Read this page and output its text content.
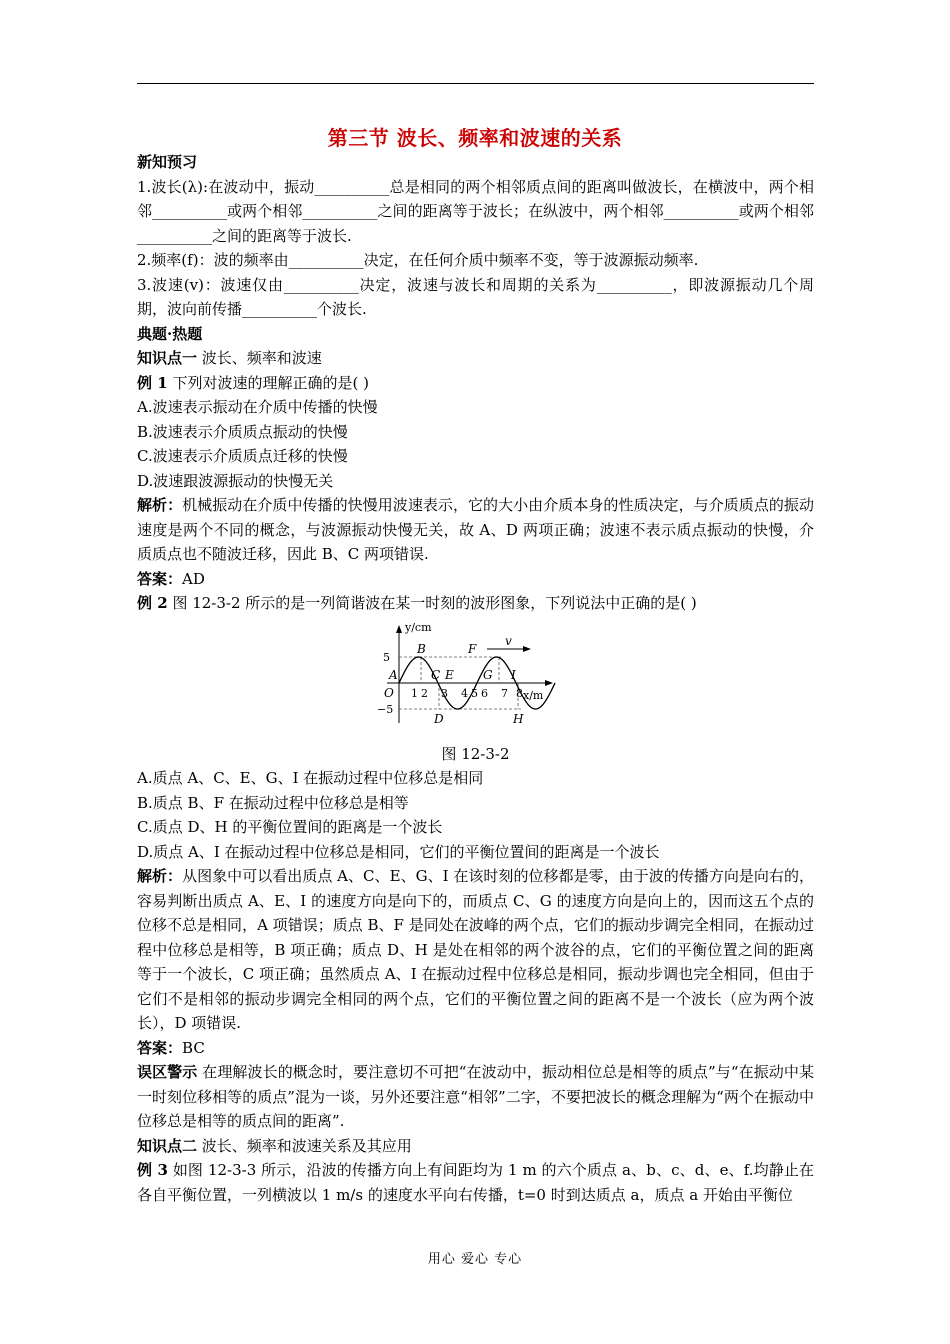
第三节 波长、频率和波速的关系

新知预习

1.波长(λ):在波动中，振动__________总是相同的两个相邻质点间的距离叫做波长，在横波中，两个相邻__________或两个相邻__________之间的距离等于波长；在纵波中，两个相邻__________或两个相邻__________之间的距离等于波长.

2.频率(f)：波的频率由__________决定，在任何介质中频率不变，等于波源振动频率.

3.波速(v)：波速仅由__________决定，波速与波长和周期的关系为__________，即波源振动几个周期，波向前传播__________个波长.

典题·热题

知识点一 波长、频率和波速

例 1 下列对波速的理解正确的是( )

A.波速表示振动在介质中传播的快慢

B.波速表示介质质点振动的快慢

C.波速表示介质质点迁移的快慢

D.波速跟波源振动的快慢无关

解析：机械振动在介质中传播的快慢用波速表示，它的大小由介质本身的性质决定，与介质质点的振动速度是两个不同的概念，与波源振动快慢无关，故 A、D 两项正确；波速不表示质点振动的快慢，介质质点也不随波迁移，因此 B、C 两项错误.

答案：AD

例 2 图 12-3-2 所示的是一列简谐波在某一时刻的波形图象，下列说法中正确的是( )

v
y/cm
x/m
5
−5
O 1 2 3 4 5 6 7 8
A
B
C
D
E
F
G
H
I

图 12-3-2

A.质点 A、C、E、G、I 在振动过程中位移总是相同

B.质点 B、F 在振动过程中位移总是相等

C.质点 D、H 的平衡位置间的距离是一个波长

D.质点 A、I 在振动过程中位移总是相同，它们的平衡位置间的距离是一个波长

解析：从图象中可以看出质点 A、C、E、G、I 在该时刻的位移都是零，由于波的传播方向是向右的，容易判断出质点 A、E、I 的速度方向是向下的，而质点 C、G 的速度方向是向上的，因而这五个点的位移不总是相同，A 项错误；质点 B、F 是同处在波峰的两个点，它们的振动步调完全相同，在振动过程中位移总是相等，B 项正确；质点 D、H 是处在相邻的两个波谷的点，它们的平衡位置之间的距离等于一个波长，C 项正确；虽然质点 A、I 在振动过程中位移总是相同，振动步调也完全相同，但由于它们不是相邻的振动步调完全相同的两个点，它们的平衡位置之间的距离不是一个波长（应为两个波长），D 项错误.

答案：BC

误区警示 在理解波长的概念时，要注意切不可把“在波动中，振动相位总是相等的质点”与“在振动中某一时刻位移相等的质点”混为一谈，另外还要注意“相邻”二字，不要把波长的概念理解为“两个在振动中位移总是相等的质点间的距离”.

知识点二 波长、频率和波速关系及其应用

例 3 如图 12-3-3 所示，沿波的传播方向上有间距均为 1 m 的六个质点 a、b、c、d、e、f.均静止在各自平衡位置，一列横波以 1 m/s 的速度水平向右传播，t=0 时到达质点 a，质点 a 开始由平衡位

用心 爱心 专心
